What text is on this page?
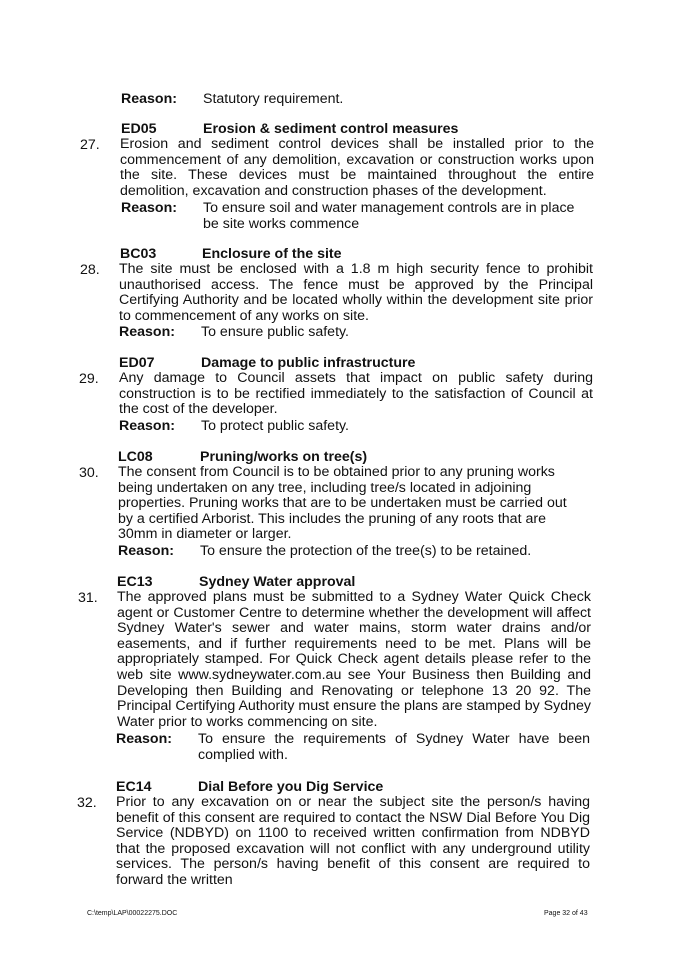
Reason: Statutory requirement.
ED05	Erosion & sediment control measures
27. Erosion and sediment control devices shall be installed prior to the commencement of any demolition, excavation or construction works upon the site. These devices must be maintained throughout the entire demolition, excavation and construction phases of the development.
Reason: To ensure soil and water management controls are in place be site works commence
BC03	Enclosure of the site
28. The site must be enclosed with a 1.8 m high security fence to prohibit unauthorised access. The fence must be approved by the Principal Certifying Authority and be located wholly within the development site prior to commencement of any works on site.
Reason: To ensure public safety.
ED07	Damage to public infrastructure
29. Any damage to Council assets that impact on public safety during construction is to be rectified immediately to the satisfaction of Council at the cost of the developer.
Reason: To protect public safety.
LC08	Pruning/works on tree(s)
30. The consent from Council is to be obtained prior to any pruning works being undertaken on any tree, including tree/s located in adjoining properties. Pruning works that are to be undertaken must be carried out by a certified Arborist. This includes the pruning of any roots that are 30mm in diameter or larger.
Reason: To ensure the protection of the tree(s) to be retained.
EC13	Sydney Water approval
31. The approved plans must be submitted to a Sydney Water Quick Check agent or Customer Centre to determine whether the development will affect Sydney Water's sewer and water mains, storm water drains and/or easements, and if further requirements need to be met. Plans will be appropriately stamped. For Quick Check agent details please refer to the web site www.sydneywater.com.au see Your Business then Building and Developing then Building and Renovating or telephone 13 20 92. The Principal Certifying Authority must ensure the plans are stamped by Sydney Water prior to works commencing on site.
Reason: To ensure the requirements of Sydney Water have been complied with.
EC14	Dial Before you Dig Service
32. Prior to any excavation on or near the subject site the person/s having benefit of this consent are required to contact the NSW Dial Before You Dig Service (NDBYD) on 1100 to received written confirmation from NDBYD that the proposed excavation will not conflict with any underground utility services. The person/s having benefit of this consent are required to forward the written
C:\temp\LAP\00022275.DOC	Page 32 of 43
